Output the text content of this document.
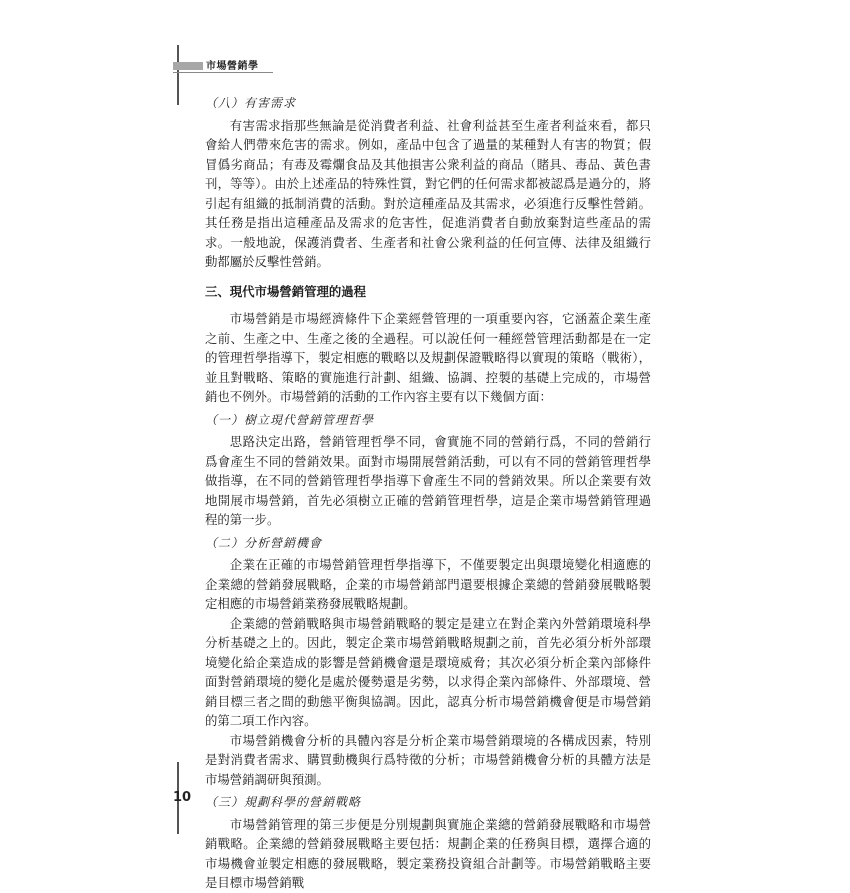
市場營銷學
（八）有害需求

有害需求指那些無論是從消費者利益、社會利益甚至生產者利益來看，都只會給人們帶來危害的需求。例如，產品中包含了過量的某種對人有害的物質；假冒僞劣商品；有毒及霉爛食品及其他損害公衆利益的商品（賭具、毒品、黃色書刊，等等）。由於上述產品的特殊性質，對它們的任何需求都被認爲是過分的，將引起有組織的抵制消費的活動。對於這種產品及其需求，必須進行反擊性營銷。其任務是指出這種產品及需求的危害性，促進消費者自動放棄對這些產品的需求。一般地說，保護消費者、生產者和社會公衆利益的任何宣傳、法律及組織行動都屬於反擊性營銷。

三、現代市場營銷管理的過程

市場營銷是市場經濟條件下企業經營管理的一項重要內容，它涵蓋企業生產之前、生產之中、生產之後的全過程。可以說任何一種經營管理活動都是在一定的管理哲學指導下，製定相應的戰略以及規劃保證戰略得以實現的策略（戰術），並且對戰略、策略的實施進行計劃、組織、協調、控製的基礎上完成的，市場營銷也不例外。市場營銷的活動的工作內容主要有以下幾個方面：

（一）樹立現代營銷管理哲學

思路決定出路，營銷管理哲學不同，會實施不同的營銷行爲，不同的營銷行爲會產生不同的營銷效果。面對市場開展營銷活動，可以有不同的營銷管理哲學做指導，在不同的營銷管理哲學指導下會產生不同的營銷效果。所以企業要有效地開展市場營銷，首先必須樹立正確的營銷管理哲學，這是企業市場營銷管理過程的第一步。

（二）分析營銷機會

企業在正確的市場營銷管理哲學指導下，不僅要製定出與環境變化相適應的企業總的營銷發展戰略，企業的市場營銷部門還要根據企業總的營銷發展戰略製定相應的市場營銷業務發展戰略規劃。

企業總的營銷戰略與市場營銷戰略的製定是建立在對企業內外營銷環境科學分析基礎之上的。因此，製定企業市場營銷戰略規劃之前，首先必須分析外部環境變化給企業造成的影響是營銷機會還是環境威脅；其次必須分析企業內部條件面對營銷環境的變化是處於優勢還是劣勢，以求得企業內部條件、外部環境、營銷目標三者之間的動態平衡與協調。因此，認真分析市場營銷機會便是市場營銷的第二項工作內容。

市場營銷機會分析的具體內容是分析企業市場營銷環境的各構成因素，特別是對消費者需求、購買動機與行爲特徵的分析；市場營銷機會分析的具體方法是市場營銷調研與預測。

（三）規劃科學的營銷戰略

市場營銷管理的第三步便是分別規劃與實施企業總的營銷發展戰略和市場營銷戰略。企業總的營銷發展戰略主要包括：規劃企業的任務與目標，選擇合適的市場機會並製定相應的發展戰略，製定業務投資組合計劃等。市場營銷戰略主要是目標市場營銷戰

10
